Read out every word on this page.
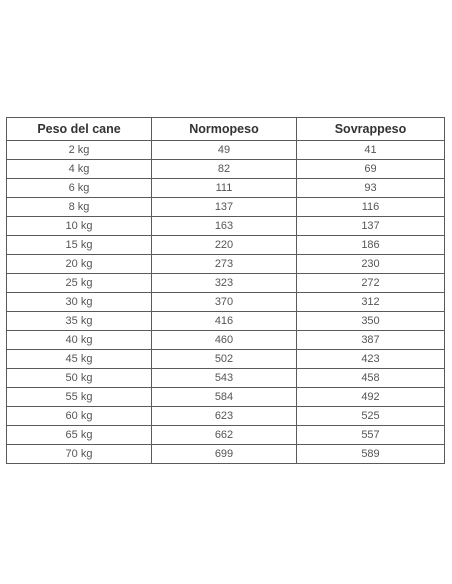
Peso del cane	Normopeso	Sovrappeso
2 kg	49	41
4 kg	82	69
6 kg	111	93
8 kg	137	116
10 kg	163	137
15 kg	220	186
20 kg	273	230
25 kg	323	272
30 kg	370	312
35 kg	416	350
40 kg	460	387
45 kg	502	423
50 kg	543	458
55 kg	584	492
60 kg	623	525
65 kg	662	557
70 kg	699	589
